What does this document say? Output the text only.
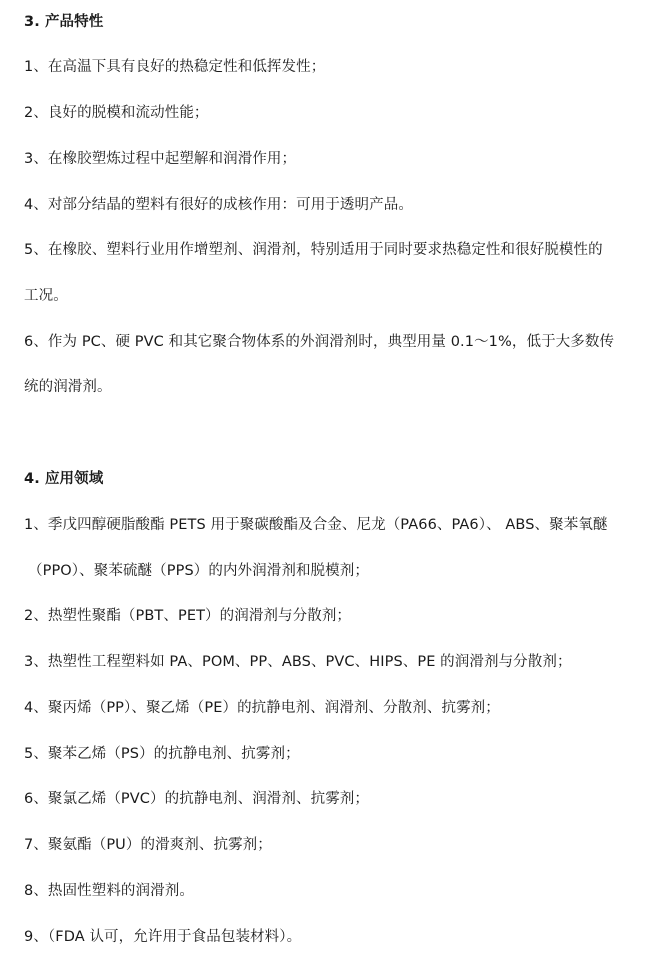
3. 产品特性
1、在高温下具有良好的热稳定性和低挥发性；
2、良好的脱模和流动性能；
3、在橡胶塑炼过程中起塑解和润滑作用；
4、对部分结晶的塑料有很好的成核作用：可用于透明产品。
5、在橡胶、塑料行业用作增塑剂、润滑剂，特别适用于同时要求热稳定性和很好脱模性的
工况。
6、作为 PC、硬 PVC 和其它聚合物体系的外润滑剂时，典型用量 0.1～1%，低于大多数传
统的润滑剂。
4. 应用领域
1、季戊四醇硬脂酸酯 PETS 用于聚碳酸酯及合金、尼龙（PA66、PA6）、 ABS、聚苯氧醚
（PPO）、聚苯硫醚（PPS）的内外润滑剂和脱模剂；
2、热塑性聚酯（PBT、PET）的润滑剂与分散剂；
3、热塑性工程塑料如 PA、POM、PP、ABS、PVC、HIPS、PE 的润滑剂与分散剂；
4、聚丙烯（PP）、聚乙烯（PE）的抗静电剂、润滑剂、分散剂、抗雾剂；
5、聚苯乙烯（PS）的抗静电剂、抗雾剂；
6、聚氯乙烯（PVC）的抗静电剂、润滑剂、抗雾剂；
7、聚氨酯（PU）的滑爽剂、抗雾剂；
8、热固性塑料的润滑剂。
9、（FDA 认可，允许用于食品包装材料）。
